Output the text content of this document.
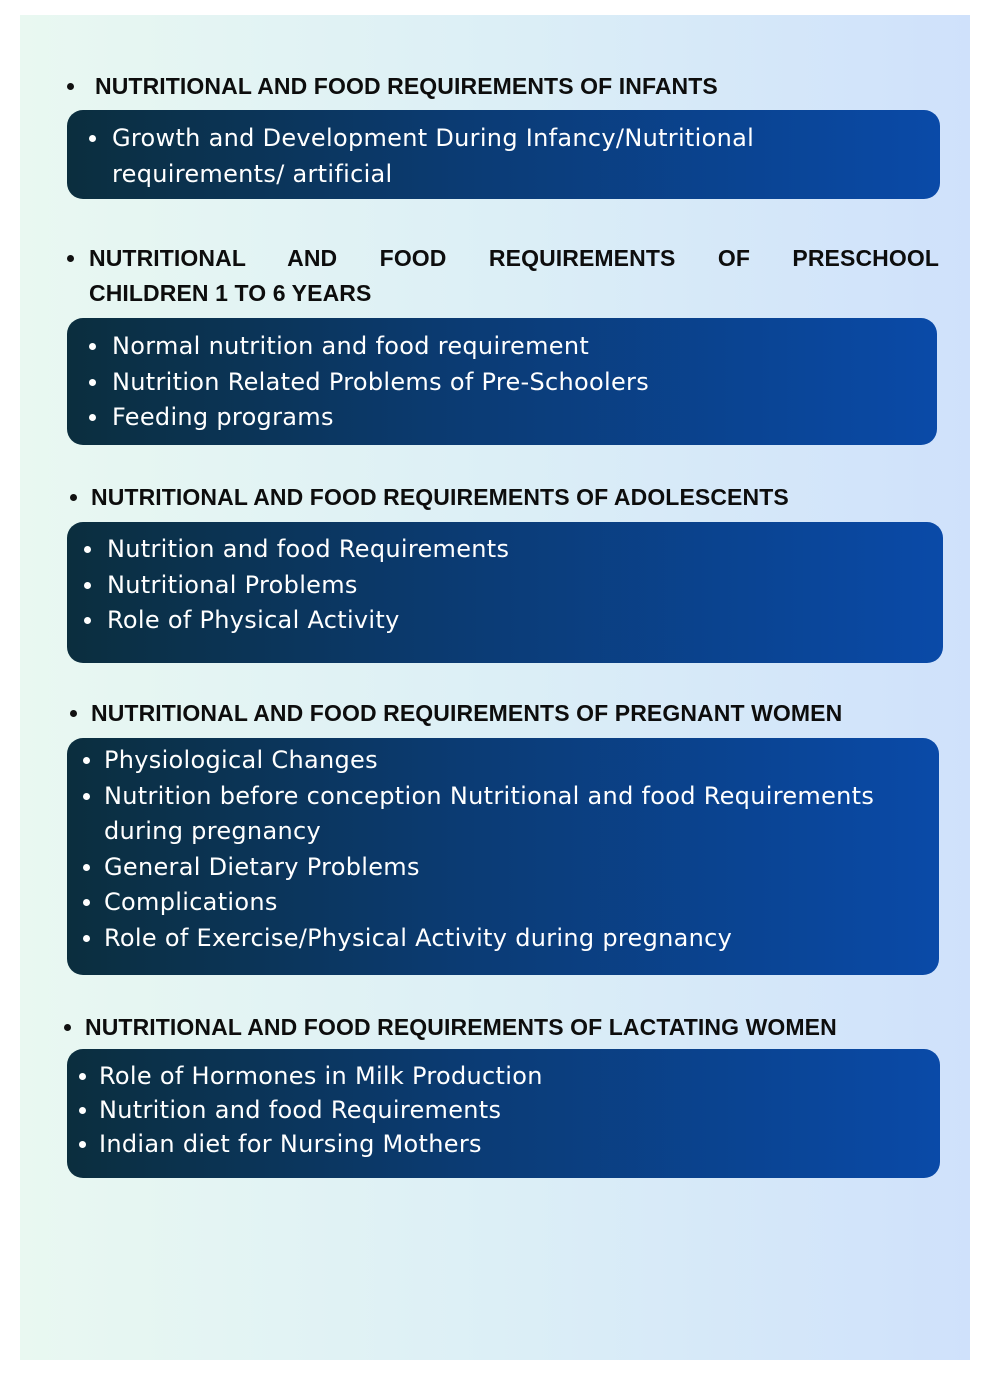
NUTRITIONAL AND FOOD REQUIREMENTS OF INFANTS
Growth and Development During Infancy/Nutritional requirements/ artificial
NUTRITIONAL AND FOOD REQUIREMENTS OF PRESCHOOL
CHILDREN 1 TO 6 YEARS
Normal nutrition and food requirement
Nutrition Related Problems of Pre-Schoolers
Feeding programs
NUTRITIONAL AND FOOD REQUIREMENTS OF ADOLESCENTS
Nutrition and food Requirements
Nutritional Problems
Role of Physical Activity
NUTRITIONAL AND FOOD REQUIREMENTS OF PREGNANT WOMEN
Physiological Changes
Nutrition before conception Nutritional and food Requirements during pregnancy
General Dietary Problems
Complications
Role of Exercise/Physical Activity during pregnancy
NUTRITIONAL AND FOOD REQUIREMENTS OF LACTATING WOMEN
Role of Hormones in Milk Production
Nutrition and food Requirements
Indian diet for Nursing Mothers
